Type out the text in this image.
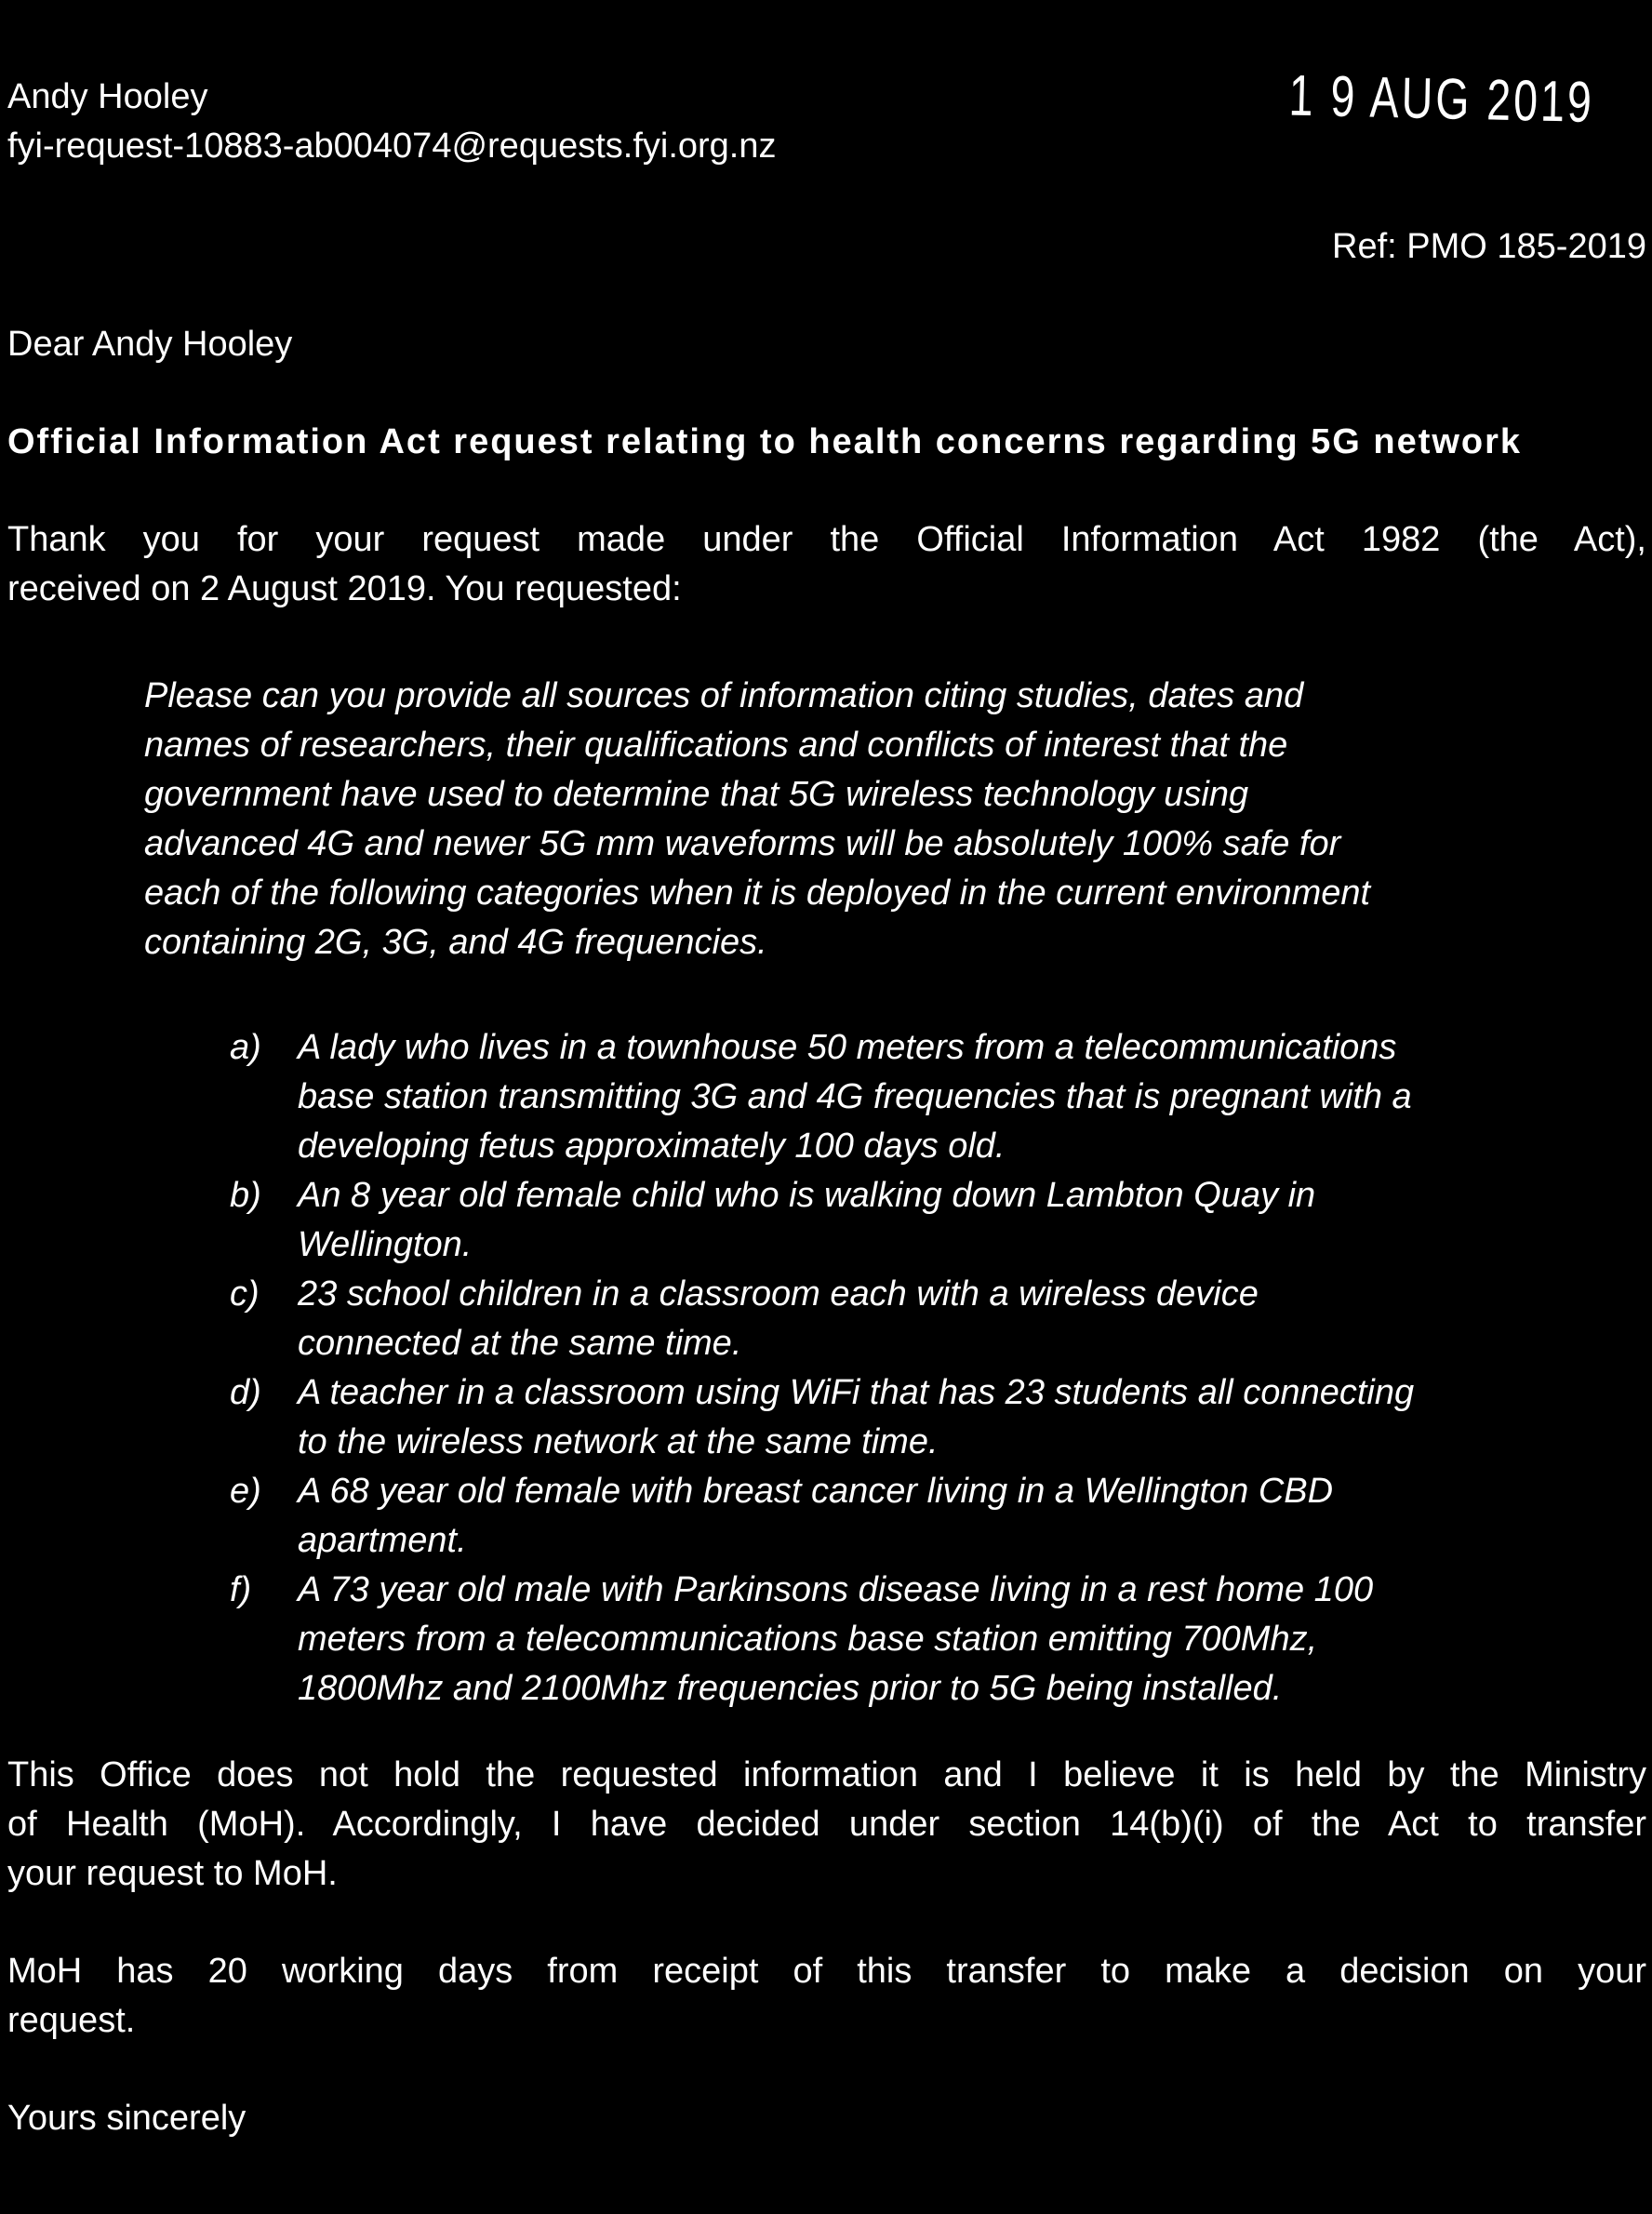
1 9 AUG 2019
Andy Hooley
fyi-request-10883-ab004074@requests.fyi.org.nz
Ref: PMO 185-2019
Dear Andy Hooley
Official Information Act request relating to health concerns regarding 5G network
Thank you for your request made under the Official Information Act 1982 (the Act),
received on 2 August 2019. You requested:
Please can you provide all sources of information citing studies, dates and
names of researchers, their qualifications and conflicts of interest that the
government have used to determine that 5G wireless technology using
advanced 4G and newer 5G mm waveforms will be absolutely 100% safe for
each of the following categories when it is deployed in the current environment
containing 2G, 3G, and 4G frequencies.
a)	A lady who lives in a townhouse 50 meters from a telecommunications
base station transmitting 3G and 4G frequencies that is pregnant with a
developing fetus approximately 100 days old.
b)	An 8 year old female child who is walking down Lambton Quay in
Wellington.
c)	23 school children in a classroom each with a wireless device
connected at the same time.
d)	A teacher in a classroom using WiFi that has 23 students all connecting
to the wireless network at the same time.
e)	A 68 year old female with breast cancer living in a Wellington CBD
apartment.
f)	A 73 year old male with Parkinsons disease living in a rest home 100
meters from a telecommunications base station emitting 700Mhz,
1800Mhz and 2100Mhz frequencies prior to 5G being installed.
This Office does not hold the requested information and I believe it is held by the Ministry
of Health (MoH). Accordingly, I have decided under section 14(b)(i) of the Act to transfer
your request to MoH.
MoH has 20 working days from receipt of this transfer to make a decision on your
request.
Yours sincerely
